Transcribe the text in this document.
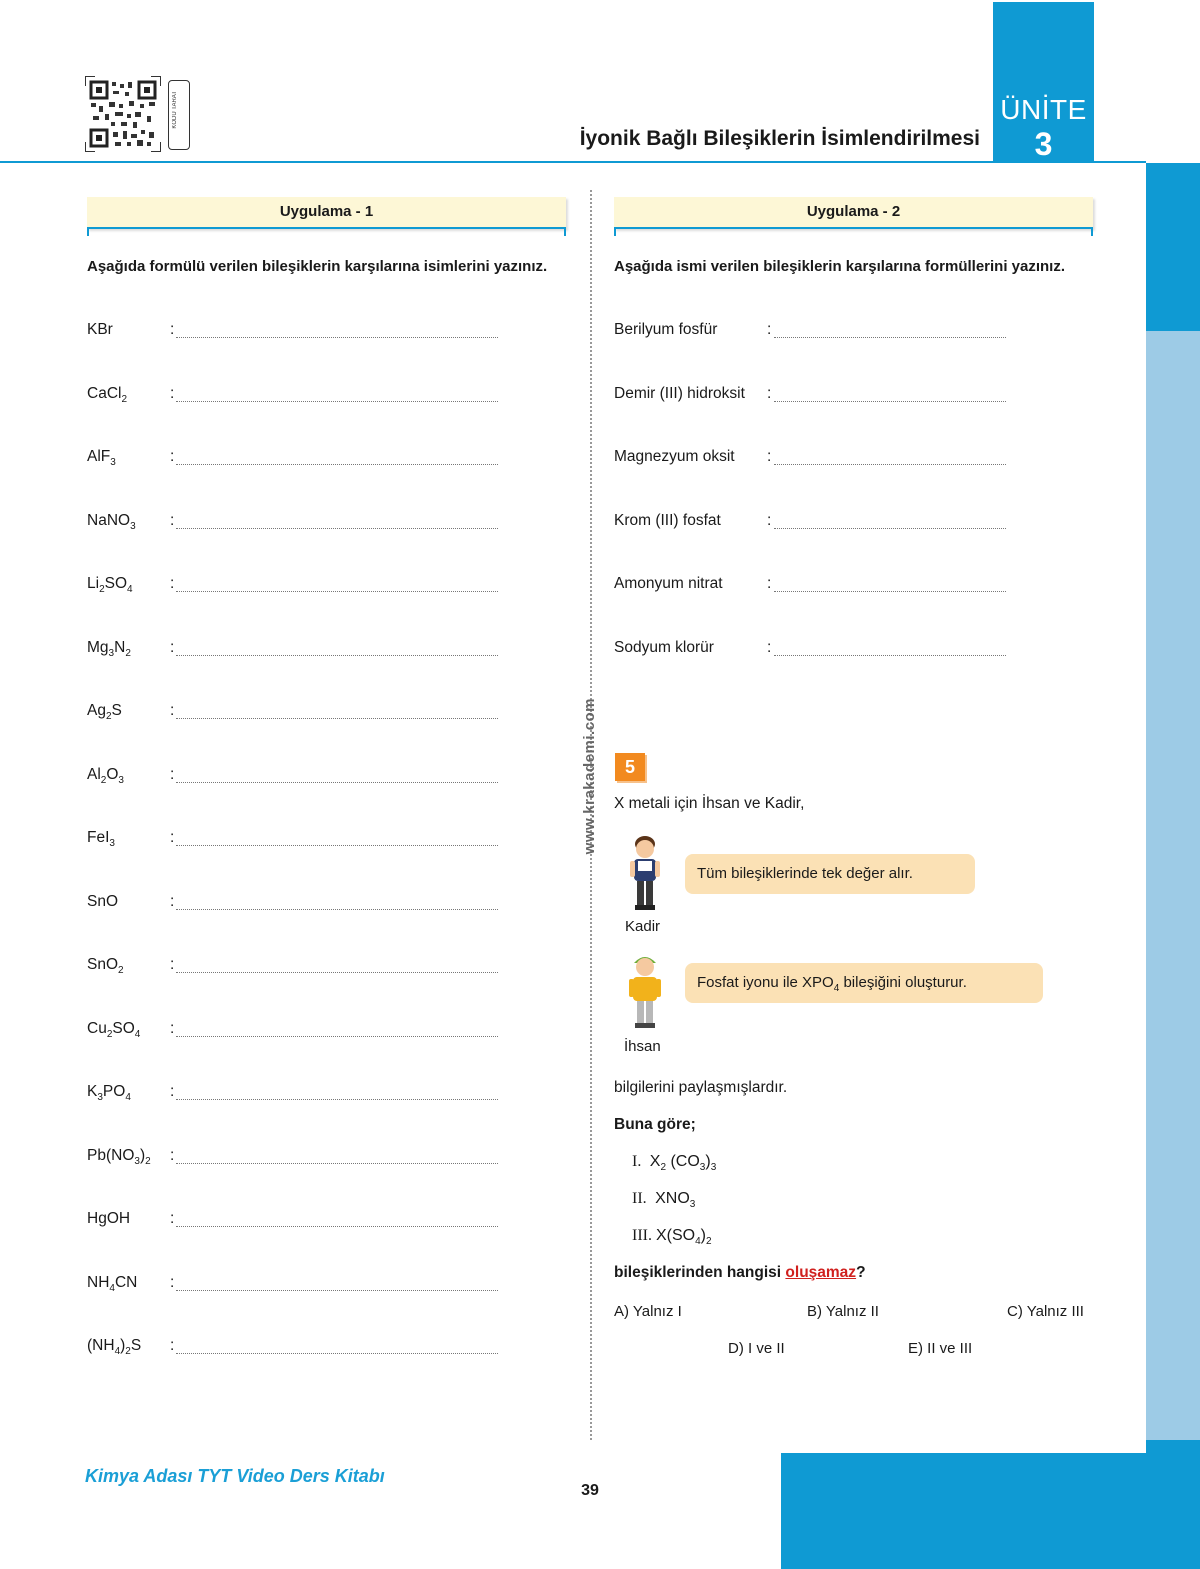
KODU TARAT
İyonik Bağlı Bileşiklerin İsimlendirilmesi
ÜNİTE
3
Uygulama - 1
Aşağıda formülü verilen bileşiklerin karşılarına isimlerini yazınız.
KBr	:
CaCl$_2$	:
AlF$_3$	:
NaNO$_3$ :
$Li_2SO_4$ :
$Mg_3N_2$	:
$Ag_2S$	:
$Al_2O_3$	:
FeI$_3$	:
SnO	:
SnO$_2$	:
$Cu_2SO_4$ :
$K_3PO_4$	:
$Pb(NO_3)_2$ :
HgOH	:
$NH_4CN$ :
$(NH_4)_2S$ :
www.krakademi.com
Uygulama - 2
Aşağıda ismi verilen bileşiklerin karşılarına formüllerini yazınız.
Berilyum fosfür	:
Demir (III) hidroksit :
Magnezyum oksit :
Krom (III) fosfat	:
Amonyum nitrat	:
Sodyum klorür	:
5
X metali için İhsan ve Kadir,
Kadir
Tüm bileşiklerinde tek değer alır.
İhsan
Fosfat iyonu ile $XPO_4$ bileşiğini oluşturur.
bilgilerini paylaşmışlardır.
Buna göre;
I.  $X_2$ $(CO_3)_3$
II.  $XNO_3$
III. $X(SO_4)_2$
bileşiklerinden hangisi oluşamaz?
A) Yalnız I	B) Yalnız II	C) Yalnız III
D) I ve II	E) II ve III
Kimya Adası TYT Video Ders Kitabı
39
